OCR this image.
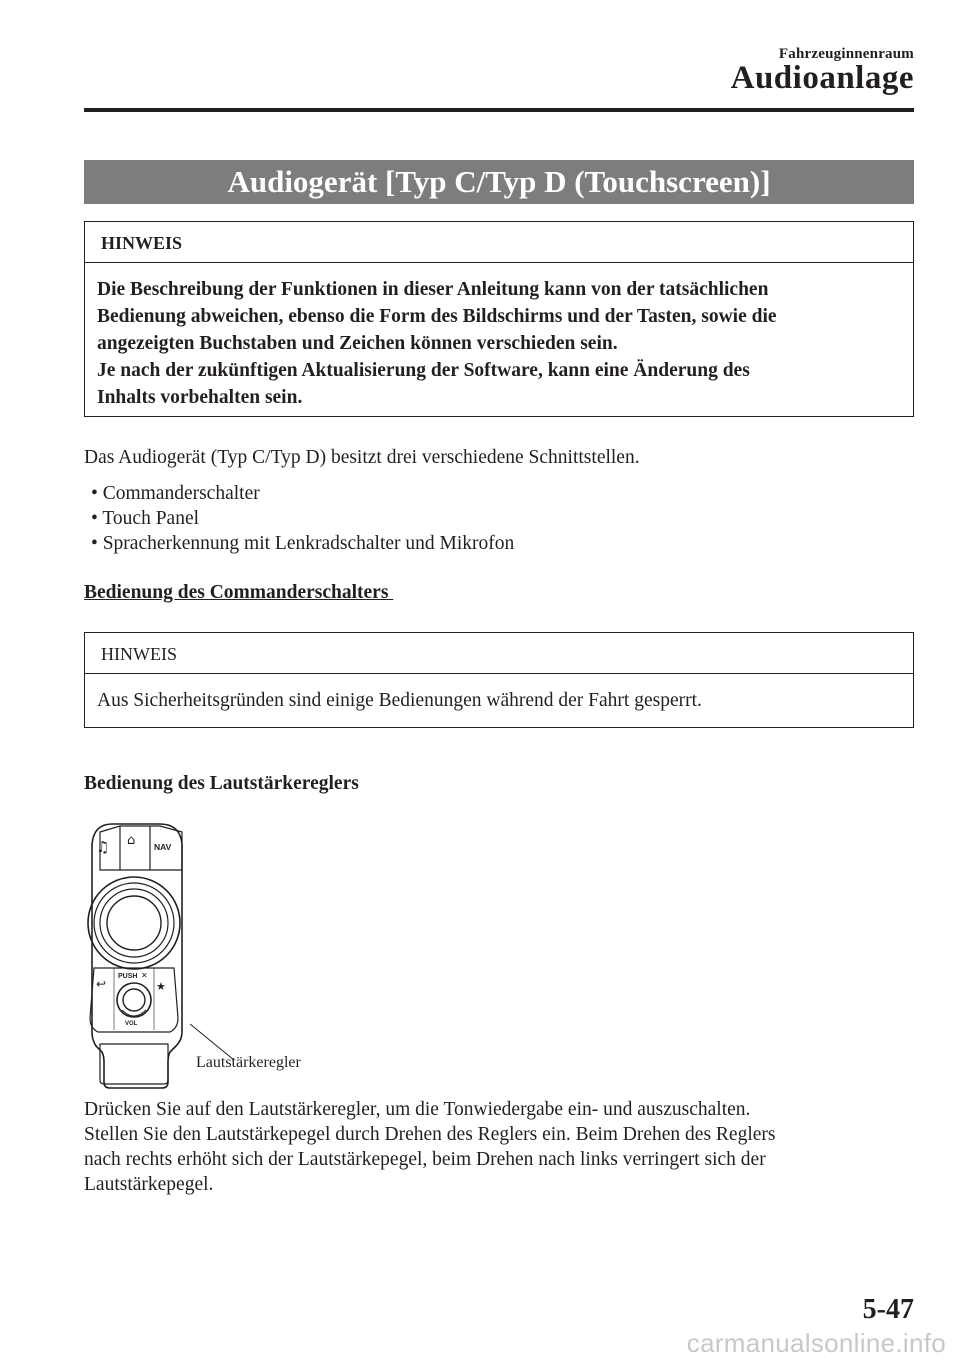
Fahrzeuginnenraum
Audioanlage
Audiogerät [Typ C/Typ D (Touchscreen)]
HINWEIS
Die Beschreibung der Funktionen in dieser Anleitung kann von der tatsächlichen
Bedienung abweichen, ebenso die Form des Bildschirms und der Tasten, sowie die
angezeigten Buchstaben und Zeichen können verschieden sein.
Je nach der zukünftigen Aktualisierung der Software, kann eine Änderung des
Inhalts vorbehalten sein.
Das Audiogerät (Typ C/Typ D) besitzt drei verschiedene Schnittstellen.
• Commanderschalter
• Touch Panel
• Spracherkennung mit Lenkradschalter und Mikrofon
Bedienung des Commanderschalters
HINWEIS
Aus Sicherheitsgründen sind einige Bedienungen während der Fahrt gesperrt.
Bedienung des Lautstärkereglers
♫ ⌂ NAV
↩
PUSH ✕
★
VOL
Lautstärkeregler
Drücken Sie auf den Lautstärkeregler, um die Tonwiedergabe ein- und auszuschalten.
Stellen Sie den Lautstärkepegel durch Drehen des Reglers ein. Beim Drehen des Reglers
nach rechts erhöht sich der Lautstärkepegel, beim Drehen nach links verringert sich der
Lautstärkepegel.
5-47
carmanualsonline.info
